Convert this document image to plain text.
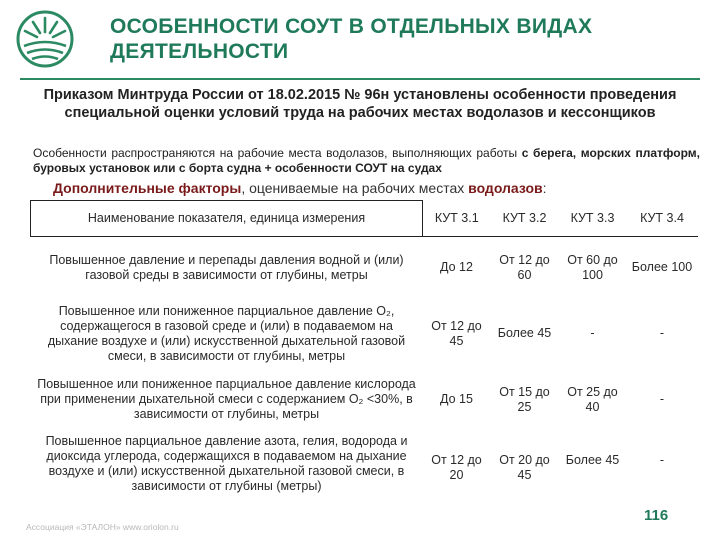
ОСОБЕННОСТИ СОУТ В ОТДЕЛЬНЫХ ВИДАХ
ДЕЯТЕЛЬНОСТИ
Приказом Минтруда России от 18.02.2015 № 96н установлены особенности проведения специальной оценки условий труда на рабочих местах водолазов и кессонщиков
Особенности распространяются на рабочие места водолазов, выполняющих работы с берега, морских платформ, буровых установок или с борта судна + особенности СОУТ на судах
Дополнительные факторы, оцениваемые на рабочих местах водолазов:
Наименование показателя, единица измерения	КУТ 3.1	КУТ 3.2	КУТ 3.3	КУТ 3.4
Повышенное давление и перепады давления водной и (или) газовой среды в зависимости от глубины, метры	До 12	От 12 до 60	От 60 до 100	Более 100
Повышенное или пониженное парциальное давление О₂, содержащегося в газовой среде и (или) в подаваемом на дыхание воздухе и (или) искусственной дыхательной газовой смеси, в зависимости от глубины, метры	От 12 до 45	Более 45	-	-
Повышенное или пониженное парциальное давление кислорода при применении дыхательной смеси с содержанием О₂ <30%, в зависимости от глубины, метры	До 15	От 15 до 25	От 25 до 40	-
Повышенное парциальное давление азота, гелия, водорода и диоксида углерода, содержащихся в подаваемом на дыхание воздухе и (или) искусственной дыхательной газовой смеси, в зависимости от глубины (метры)	От 12 до 20	От 20 до 45	Более 45	-
Ассоциация «ЭТАЛОН» www.oriolon.ru
116
